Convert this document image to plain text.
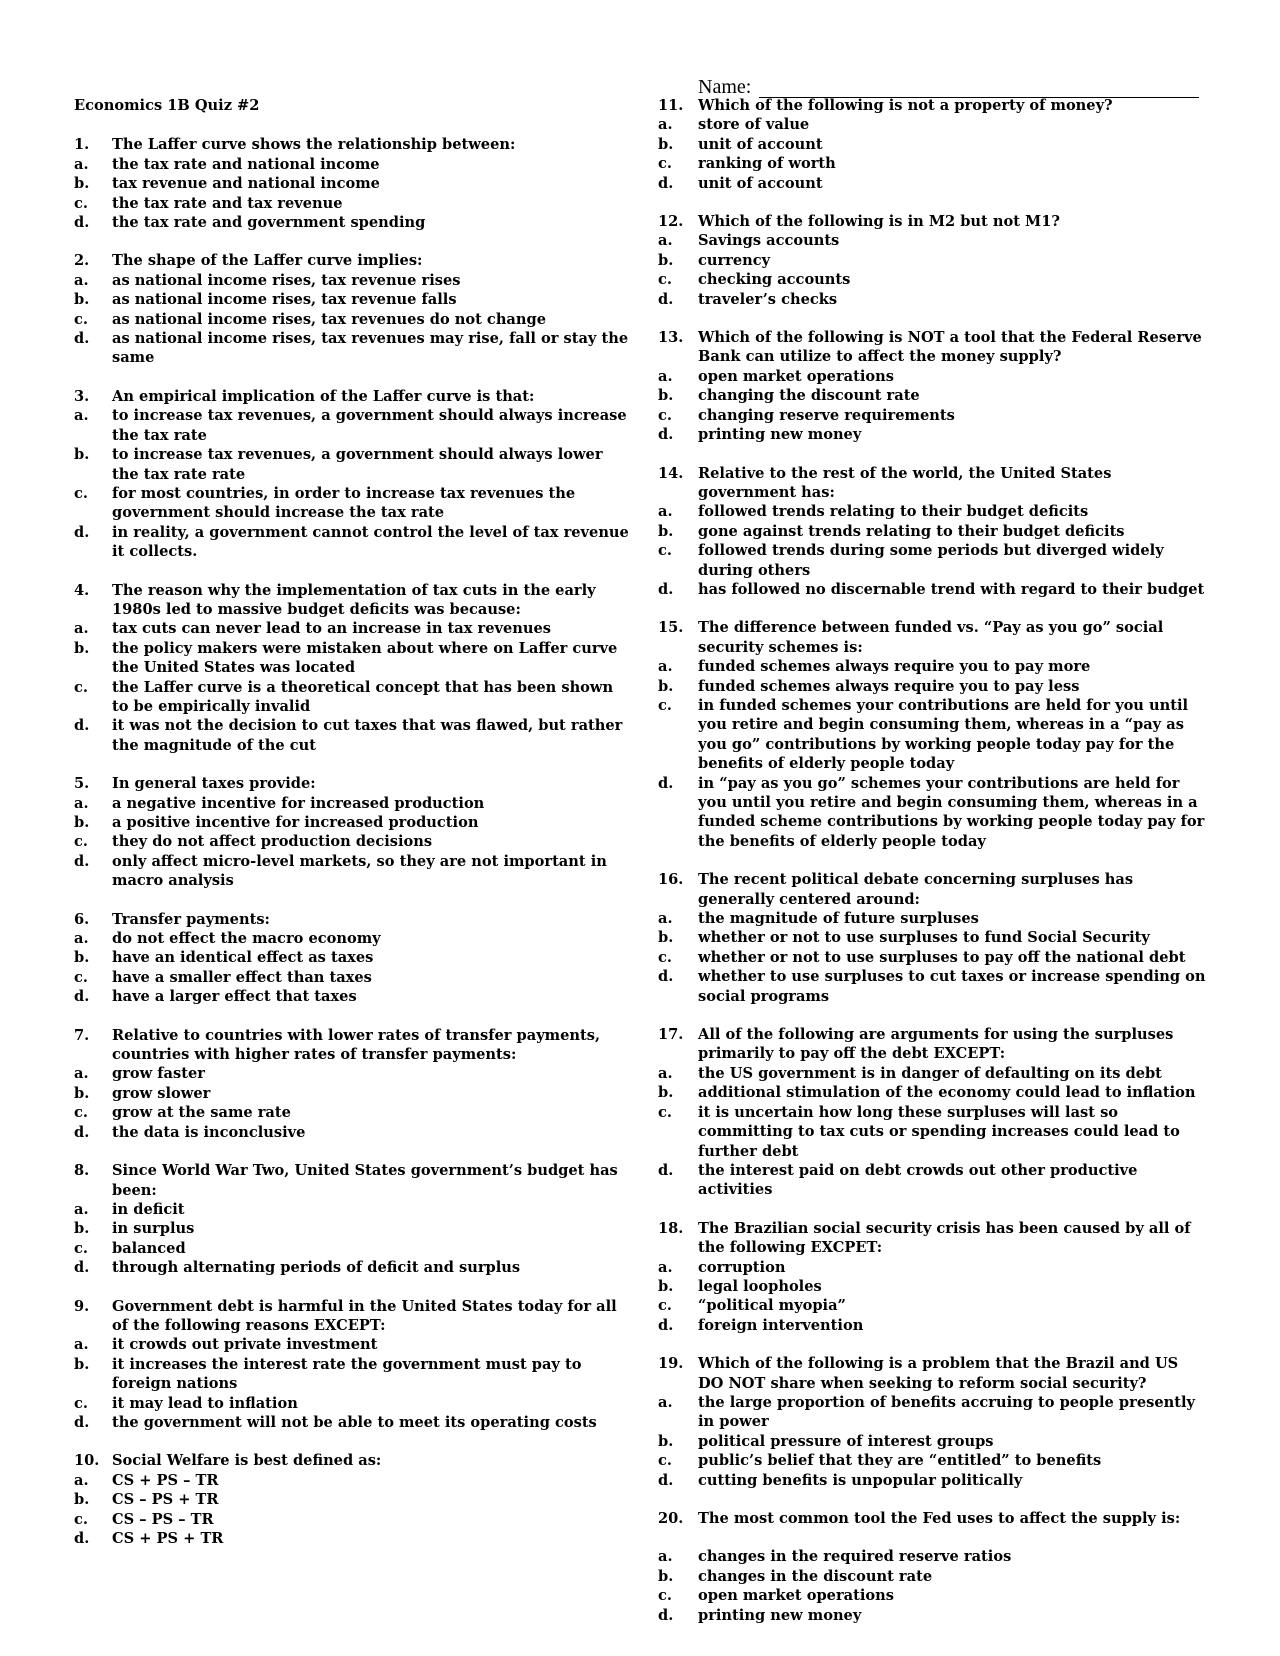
Name:
Economics 1B Quiz #2
1.	The Laffer curve shows the relationship between:
a.	the tax rate and national income
b.	tax revenue and national income
c.	the tax rate and tax revenue
d.	the tax rate and government spending
2.	The shape of the Laffer curve implies:
a.	as national income rises, tax revenue rises
b.	as national income rises, tax revenue falls
c.	as national income rises, tax revenues do not change
d.	as national income rises, tax revenues may rise, fall or stay the same
3.	An empirical implication of the Laffer curve is that:
a.	to increase tax revenues, a government should always increase the tax rate
b.	to increase tax revenues, a government should always lower the tax rate rate
c.	for most countries, in order to increase tax revenues the government should increase the tax rate
d.	in reality, a government cannot control the level of tax revenue it collects.
4.	The reason why the implementation of tax cuts in the early 1980s led to massive budget deficits was because:
a.	tax cuts can never lead to an increase in tax revenues
b.	the policy makers were mistaken about where on Laffer curve the United States was located
c.	the Laffer curve is a theoretical concept that has been shown to be empirically invalid
d.	it was not the decision to cut taxes that was flawed, but rather the magnitude of the cut
5.	In general taxes provide:
a.	a negative incentive for increased production
b.	a positive incentive for increased production
c.	they do not affect production decisions
d.	only affect micro-level markets, so they are not important in macro analysis
6.	Transfer payments:
a.	do not effect the macro economy
b.	have an identical effect as taxes
c.	have a smaller effect than taxes
d.	have a larger effect that taxes
7.	Relative to countries with lower rates of transfer payments, countries with higher rates of transfer payments:
a.	grow faster
b.	grow slower
c.	grow at the same rate
d.	the data is inconclusive
8.	Since World War Two, United States government’s budget has been:
a.	in deficit
b.	in surplus
c.	balanced
d.	through alternating periods of deficit and surplus
9.	Government debt is harmful in the United States today for all of the following reasons EXCEPT:
a.	it crowds out private investment
b.	it increases the interest rate the government must pay to foreign nations
c.	it may lead to inflation
d.	the government will not be able to meet its operating costs
10. Social Welfare is best defined as:
a.	CS + PS – TR
b.	CS – PS + TR
c.	CS – PS – TR
d.	CS + PS + TR
11.	Which of the following is not a property of money?
a.	store of value
b.	unit of account
c.	ranking of worth
d.	unit of account
12.	Which of the following is in M2 but not M1?
a.	Savings accounts
b.	currency
c.	checking accounts
d.	traveler’s checks
13.	Which of the following is NOT a tool that the Federal Reserve Bank can utilize to affect the money supply?
a.	open market operations
b.	changing the discount rate
c.	changing reserve requirements
d.	printing new money
14.	Relative to the rest of the world, the United States government has:
a.	followed trends relating to their budget deficits
b.	gone against trends relating to their budget deficits
c.	followed trends during some periods but diverged widely during others
d.	has followed no discernable trend with regard to their budget
15.	The difference between funded vs. “Pay as you go” social security schemes is:
a.	funded schemes always require you to pay more
b.	funded schemes always require you to pay less
c.	in funded schemes your contributions are held for you until you retire and begin consuming them, whereas in a “pay as you go” contributions by working people today pay for the benefits of elderly people today
d.	in “pay as you go” schemes your contributions are held for you until you retire and begin consuming them, whereas in a funded scheme contributions by working people today pay for the benefits of elderly people today
16.	The recent political debate concerning surpluses has generally centered around:
a.	the magnitude of future surpluses
b.	whether or not to use surpluses to fund Social Security
c.	whether or not to use surpluses to pay off the national debt
d.	whether to use surpluses to cut taxes or increase spending on social programs
17.	All of the following are arguments for using the surpluses primarily to pay off the debt EXCEPT:
a.	the US government is in danger of defaulting on its debt
b.	additional stimulation of the economy could lead to inflation
c.	it is uncertain how long these surpluses will last so committing to tax cuts or spending increases could lead to further debt
d.	the interest paid on debt crowds out other productive activities
18.	The Brazilian social security crisis has been caused by all of the following EXCPET:
a.	corruption
b.	legal loopholes
c.	“political myopia”
d.	foreign intervention
19.	Which of the following is a problem that the Brazil and US DO NOT share when seeking to reform social security?
a.	the large proportion of benefits accruing to people presently in power
b.	political pressure of interest groups
c.	public’s belief that they are “entitled” to benefits
d.	cutting benefits is unpopular politically
20.	The most common tool the Fed uses to affect the supply is:
a.	changes in the required reserve ratios
b.	changes in the discount rate
c.	open market operations
d.	printing new money
